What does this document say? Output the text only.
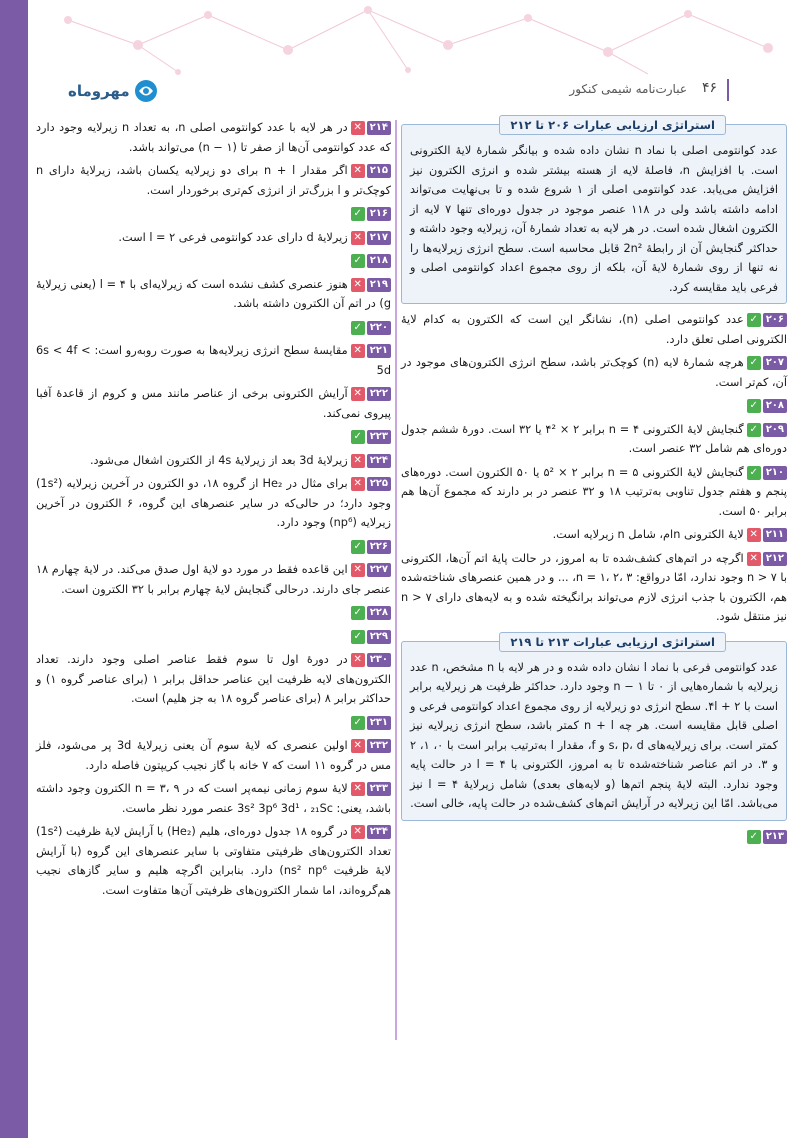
مهروماه	عبارت‌نامه شیمی کنکور ۴۶
استراتژی ارزیابی عبارات ۲۰۶ تا ۲۱۲

عدد کوانتومی اصلی با نماد n نشان داده شده و بیانگر شمارهٔ لایهٔ الکترونی است. با افزایش n، فاصلهٔ لایه از هسته بیشتر شده و انرژی الکترون نیز افزایش می‌یابد. عدد کوانتومی اصلی از ۱ شروع شده و تا بی‌نهایت می‌تواند ادامه داشته باشد ولی در ۱۱۸ عنصر موجود در جدول دوره‌ای تنها ۷ لایه از الکترون اشغال شده است. در هر لایه به تعداد شمارهٔ آن، زیرلایه وجود داشته و حداکثر گنجایش آن از رابطهٔ 2n² قابل محاسبه است. سطح انرژی زیرلایه‌ها را نه تنها از روی شمارهٔ لایهٔ آن، بلکه از روی مجموع اعداد کوانتومی اصلی و فرعی باید مقایسه کرد.

۲۰۶✓عدد کوانتومی اصلی (n)، نشانگر این است که الکترون به کدام لایهٔ الکترونی اصلی تعلق دارد.
۲۰۷✓هرچه شمارهٔ لایه (n) کوچک‌تر باشد، سطح انرژی الکترون‌های موجود در آن، کم‌تر است.
۲۰۸✓
۲۰۹✓گنجایش لایهٔ الکترونی n = ۴ برابر ۲ × ۴² یا ۳۲ است. دورهٔ ششم جدول دوره‌ای هم شامل ۳۲ عنصر است.
۲۱۰✓گنجایش لایهٔ الکترونی n = ۵ برابر ۲ × ۵² یا ۵۰ الکترون است. دوره‌های پنجم و هفتم جدول تناوبی به‌ترتیب ۱۸ و ۳۲ عنصر در بر دارند که مجموع آن‌ها هم برابر ۵۰ است.
۲۱۱✕لایهٔ الکترونی nام، شامل n زیرلایه است.
۲۱۲✕اگرچه در اتم‌های کشف‌شده تا به امروز، در حالت پایهٔ اتم آن‌ها، الکترونی با n > ۷ وجود ندارد، امّا درواقع: n = ۱، ۲، ۳، ... و در همین عنصرهای شناخته‌شده هم، الکترون با جذب انرژی لازم می‌تواند برانگیخته شده و به لایه‌های دارای n > ۷ نیز منتقل شود.
استراتژی ارزیابی عبارات ۲۱۳ تا ۲۱۹

عدد کوانتومی فرعی با نماد l نشان داده شده و در هر لایه با n مشخص، n عدد زیرلایه با شماره‌هایی از ۰ تا n − ۱ وجود دارد. حداکثر ظرفیت هر زیرلایه برابر است با ۴l + ۲. سطح انرژی دو زیرلایه از روی مجموع اعداد کوانتومی فرعی و اصلی قابل مقایسه است. هر چه n + l کمتر باشد، سطح انرژی زیرلایه نیز کمتر است. برای زیرلایه‌های s، p، d و f، مقدار l به‌ترتیب برابر است با ۰، ۱، ۲ و ۳. در اتم عناصر شناخته‌شده تا به امروز، الکترونی با l = ۴ در حالت پایه وجود ندارد. البته لایهٔ پنجم اتم‌ها (و لایه‌های بعدی) شامل زیرلایهٔ l = ۴ نیز می‌باشد. امّا این زیرلایه در آرایش اتم‌های کشف‌شده در حالت پایه، خالی است.

۲۱۳✓
۲۱۴✕در هر لایه با عدد کوانتومی اصلی n، به تعداد n زیرلایه وجود دارد که عدد کوانتومی آن‌ها از صفر تا (n − ۱) می‌تواند باشد.
۲۱۵✕اگر مقدار n + l برای دو زیرلایه یکسان باشد، زیرلایهٔ دارای n کوچک‌تر و l بزرگ‌تر از انرژی کم‌تری برخوردار است.
۲۱۶✓
۲۱۷✕زیرلایهٔ d دارای عدد کوانتومی فرعی l = ۲ است.
۲۱۸✓
۲۱۹✕هنوز عنصری کشف نشده است که زیرلایه‌ای با l = ۴ (یعنی زیرلایهٔ g) در اتم آن الکترون داشته باشد.
۲۲۰✓
۲۲۱✕مقایسهٔ سطح انرژی زیرلایه‌ها به صورت روبه‌رو است: 6s < 4f < 5d
۲۲۲✕آرایش الکترونی برخی از عناصر مانند مس و کروم از قاعدهٔ آفبا پیروی نمی‌کند.
۲۲۳✓
۲۲۴✕زیرلایهٔ 3d بعد از زیرلایهٔ 4s از الکترون اشغال می‌شود.
۲۲۵✕برای مثال در He₂ از گروه ۱۸، دو الکترون در آخرین زیرلایه (1s²) وجود دارد؛ در حالی‌که در سایر عنصرهای این گروه، ۶ الکترون در آخرین زیرلایه (np⁶) وجود دارد.
۲۲۶✓
۲۲۷✕این قاعده فقط در مورد دو لایهٔ اول صدق می‌کند. در لایهٔ چهارم ۱۸ عنصر جای دارند. درحالی گنجایش لایهٔ چهارم برابر با ۳۲ الکترون است.
۲۲۸✓
۲۲۹✓
۲۳۰✕در دورهٔ اول تا سوم فقط عناصر اصلی وجود دارند. تعداد الکترون‌های لایه ظرفیت این عناصر حداقل برابر ۱ (برای عناصر گروه ۱) و حداکثر برابر ۸ (برای عناصر گروه ۱۸ به جز هلیم) است.
۲۳۱✓
۲۳۲✕اولین عنصری که لایهٔ سوم آن یعنی زیرلایهٔ 3d پر می‌شود، فلز مس در گروه ۱۱ است که ۷ خانه با گاز نجیب کریپتون فاصله دارد.
۲۳۳✕لایهٔ سوم زمانی نیمه‌پر است که در n = ۳، ۹ الکترون وجود داشته باشد، یعنی: 3s² 3p⁶ 3d¹ ، ₂₁Sc عنصر مورد نظر ماست.
۲۳۴✕در گروه ۱۸ جدول دوره‌ای، هلیم (He₂) با آرایش لایهٔ ظرفیت (1s²) تعداد الکترون‌های ظرفیتی متفاوتی با سایر عنصرهای این گروه (با آرایش لایهٔ ظرفیت ns² np⁶) دارد. بنابراین اگرچه هلیم و سایر گازهای نجیب هم‌گروه‌اند، اما شمار الکترون‌های ظرفیتی آن‌ها متفاوت است.
